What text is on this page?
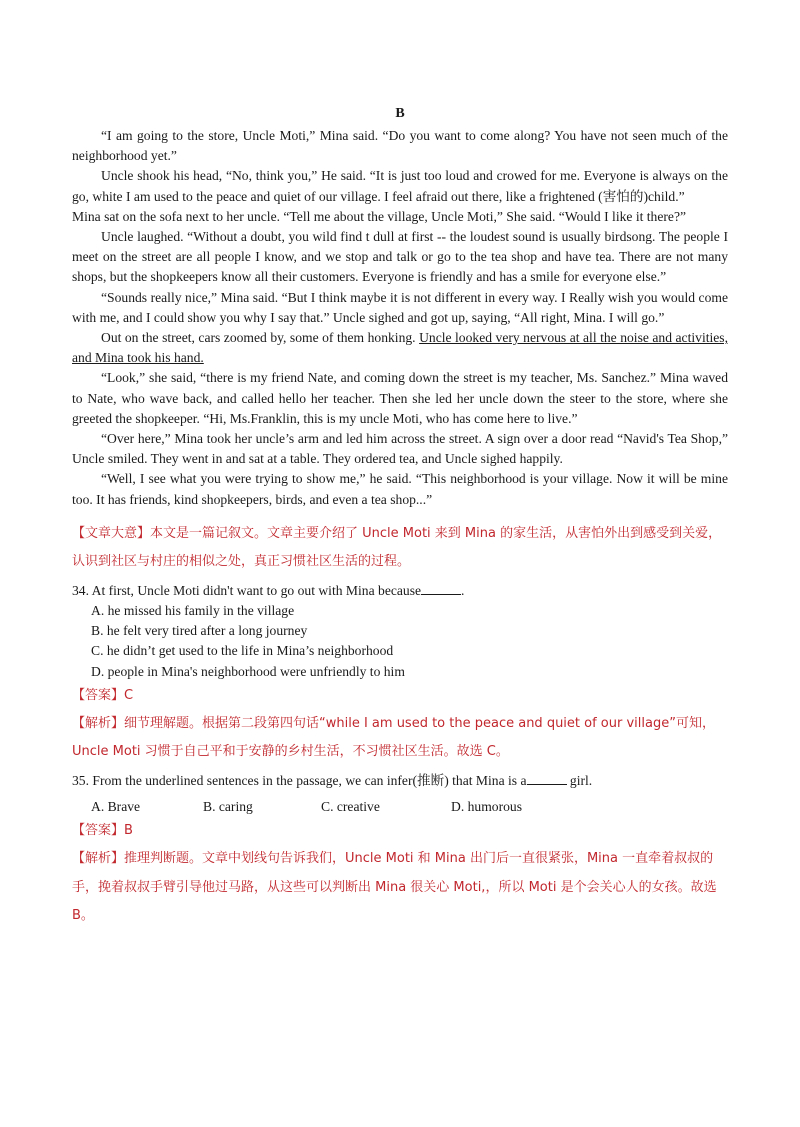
B

“I am going to the store, Uncle Moti,” Mina said. “Do you want to come along? You have not seen much of the neighborhood yet.”

Uncle shook his head, “No, think you,” He said. “It is just too loud and crowed for me. Everyone is always on the go, white I am used to the peace and quiet of our village. I feel afraid out there, like a frightened (害怕的)child.”

Mina sat on the sofa next to her uncle. “Tell me about the village, Uncle Moti,” She said. “Would I like it there?”

Uncle laughed. “Without a doubt, you wild find t dull at first -- the loudest sound is usually birdsong. The people I meet on the street are all people I know, and we stop and talk or go to the tea shop and have tea. There are not many shops, but the shopkeepers know all their customers. Everyone is friendly and has a smile for everyone else.”

“Sounds really nice,” Mina said. “But I think maybe it is not different in every way. I Really wish you would come with me, and I could show you why I say that.” Uncle sighed and got up, saying, “All right, Mina. I will go.”

Out on the street, cars zoomed by, some of them honking. Uncle looked very nervous at all the noise and activities, and Mina took his hand.

“Look,” she said, “there is my friend Nate, and coming down the street is my teacher, Ms. Sanchez.” Mina waved to Nate, who wave back, and called hello her teacher. Then she led her uncle down the steer to the store, where she greeted the shopkeeper. “Hi, Ms.Franklin, this is my uncle Moti, who has come here to live.”

“Over here,” Mina took her uncle’s arm and led him across the street. A sign over a door read “Navid's Tea Shop,” Uncle smiled. They went in and sat at a table. They ordered tea, and Uncle sighed happily.

“Well, I see what you were trying to show me,” he said. “This neighborhood is your village. Now it will be mine too. It has friends, kind shopkeepers, birds, and even a tea shop...”

【文章大意】本文是一篇记叙文。文章主要介绍了 Uncle Moti 来到 Mina 的家生活，从害怕外出到感受到关爱，认识到社区与村庄的相似之处，真正习惯社区生活的过程。

34. At first, Uncle Moti didn't want to go out with Mina because	.

A. he missed his family in the village

B. he felt very tired after a long journey

C. he didn’t get used to the life in Mina’s neighborhood

D. people in Mina's neighborhood were unfriendly to him

【答案】C

【解析】细节理解题。根据第二段第四句话“while I am used to the peace and quiet of our village”可知，Uncle Moti 习惯于自己平和于安静的乡村生活，不习惯社区生活。故选 C。

35. From the underlined sentences in the passage, we can infer(推断) that Mina is a	girl.

A. Brave	B. caring	C. creative	D. humorous

【答案】B

【解析】推理判断题。文章中划线句告诉我们，Uncle Moti 和 Mina 出门后一直很紧张，Mina 一直牵着叔叔的手，挽着叔叔手臂引导他过马路，从这些可以判断出 Mina 很关心 Moti,，所以 Moti 是个会关心人的女孩。故选 B。
